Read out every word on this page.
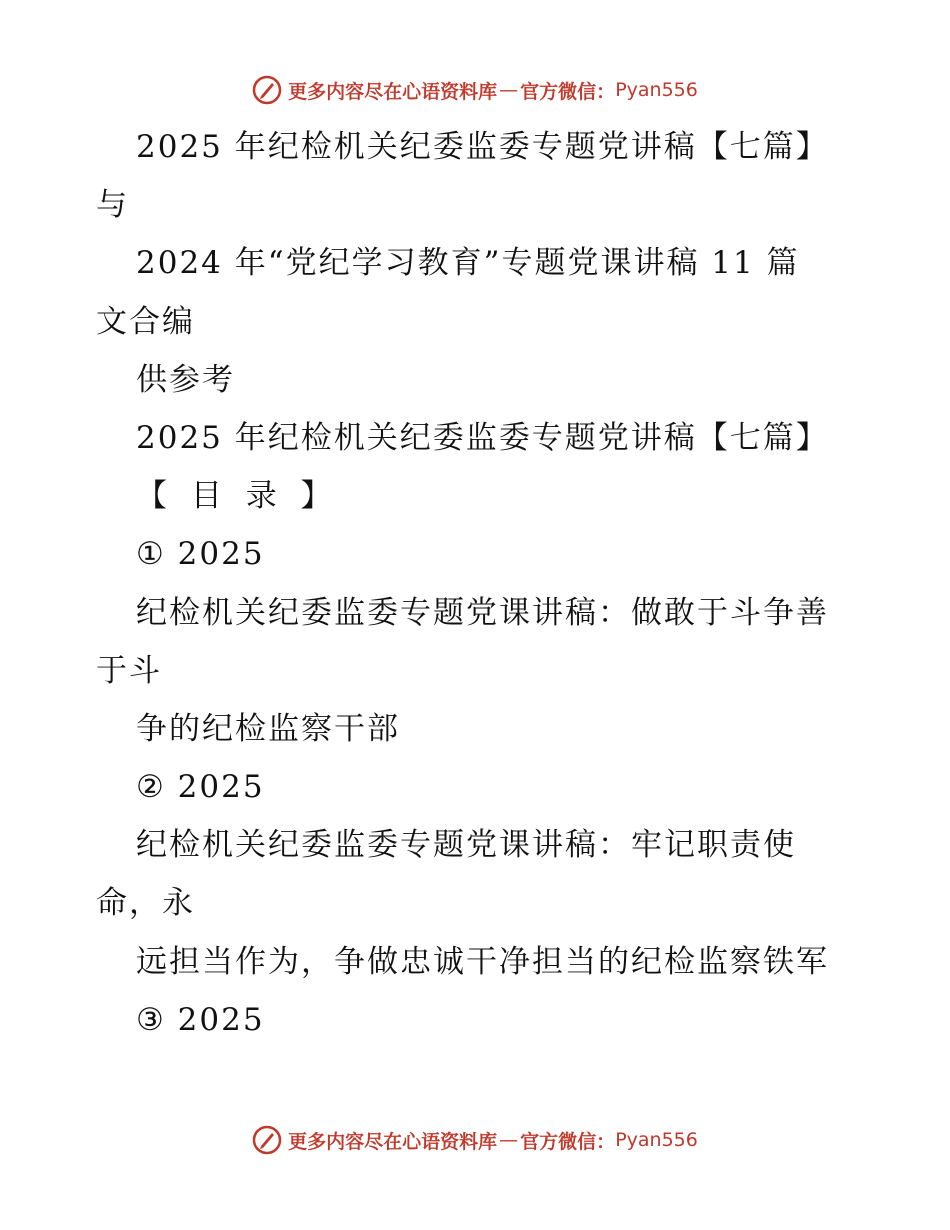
更多内容尽在心语资料库 — 官方微信： Pyan556
2025 年纪检机关纪委监委专题党讲稿【七篇】
与
2024 年“党纪学习教育”专题党课讲稿 11 篇
文合编
供参考
2025 年纪检机关纪委监委专题党讲稿【七篇】
【 目 录 】
① 2025
纪检机关纪委监委专题党课讲稿：做敢于斗争善
于斗
争的纪检监察干部
② 2025
纪检机关纪委监委专题党课讲稿：牢记职责使
命，永
远担当作为，争做忠诚干净担当的纪检监察铁军
③ 2025
更多内容尽在心语资料库 — 官方微信： Pyan556
